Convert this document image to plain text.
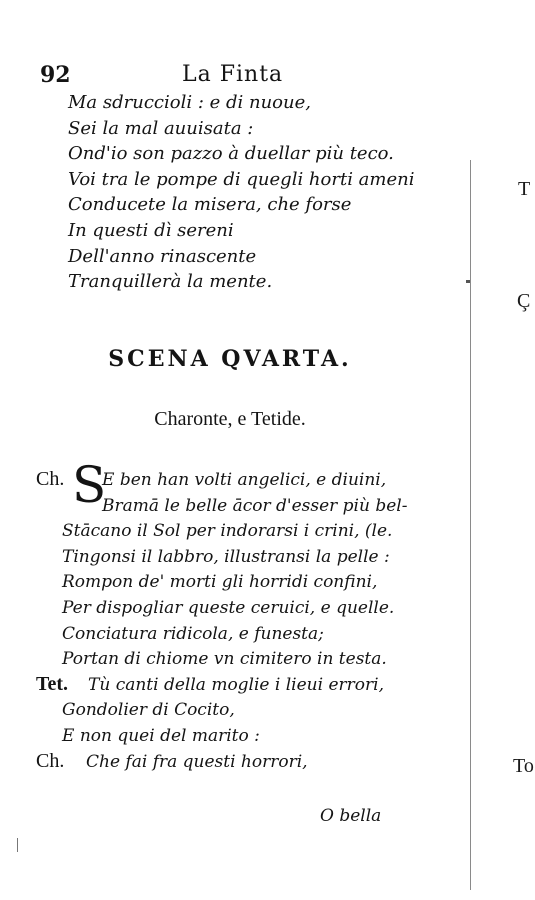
92	La Finta
Ma sdruccioli : e di nuoue,
Sei la mal auuisata :
Ond'io son pazzo à duellar più teco.
Voi tra le pompe di quegli horti ameni
Conducete la misera, che forse
In questi dì sereni
Dell'anno rinascente
Tranquillerà la mente.
SCENA QVARTA.
Charonte, e Tetide.
Ch. S
E ben han volti angelici, e diuini,
Bramā le belle ācor d'esser più bel-
Stācano il Sol per indorarsi i crini, (le.
Tingonsi il labbro, illustransi la pelle :
Rompon de' morti gli horridi confini,
Per dispogliar queste ceruici, e quelle.
Conciatura ridicola, e funesta;
Portan di chiome vn cimitero in testa.
Tet. Tù canti della moglie i lieui errori,
Gondolier di Cocito,
E non quei del marito :
Ch. Che fai fra questi horrori,
O bella
T
Ç
To
